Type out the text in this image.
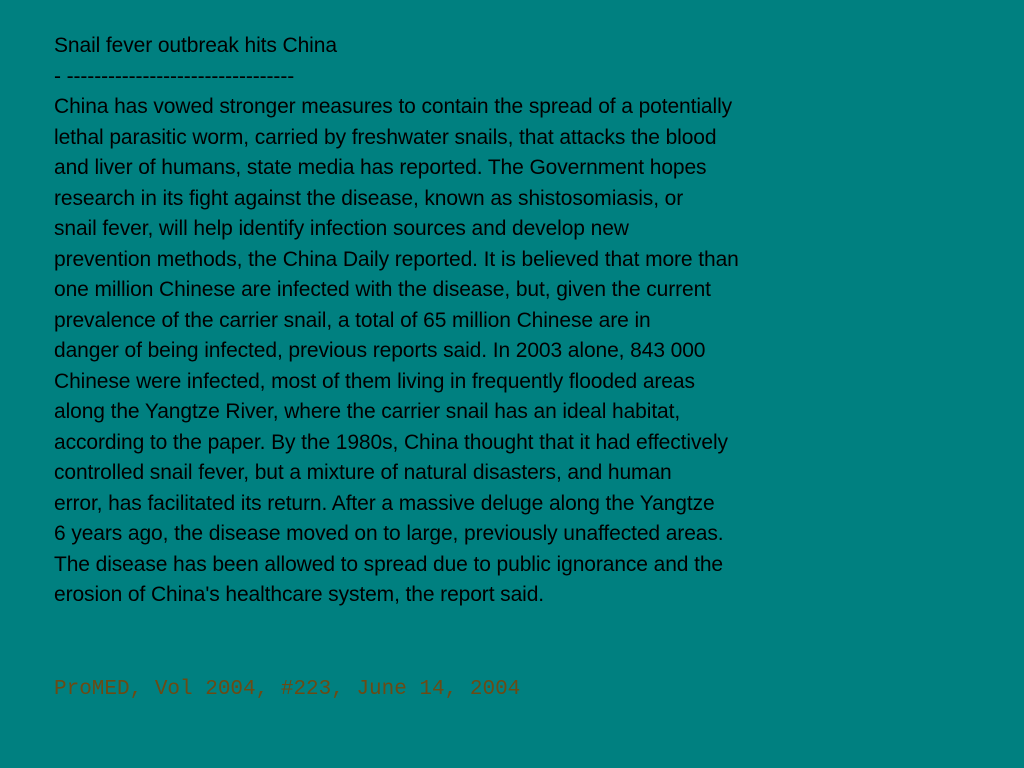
Snail fever outbreak hits China
- ---------------------------------
China has vowed stronger measures to contain the spread of a potentially
lethal parasitic worm, carried by freshwater snails, that attacks the blood
and liver of humans, state media has reported. The Government hopes
research in its fight against the disease, known as shistosomiasis, or
snail fever, will help identify infection sources and develop new
prevention methods, the China Daily reported. It is believed that more than
one million Chinese are infected with the disease, but, given the current
prevalence of the carrier snail, a total of 65 million Chinese are in
danger of being infected, previous reports said. In 2003 alone, 843 000
Chinese were infected, most of them living in frequently flooded areas
along the Yangtze River, where the carrier snail has an ideal habitat,
according to the paper. By the 1980s, China thought that it had effectively
controlled snail fever, but a mixture of natural disasters, and human
error, has facilitated its return. After a massive deluge along the Yangtze
6 years ago, the disease moved on to large, previously unaffected areas.
The disease has been allowed to spread due to public ignorance and the
erosion of China's healthcare system, the report said.
ProMED, Vol 2004, #223, June 14, 2004
